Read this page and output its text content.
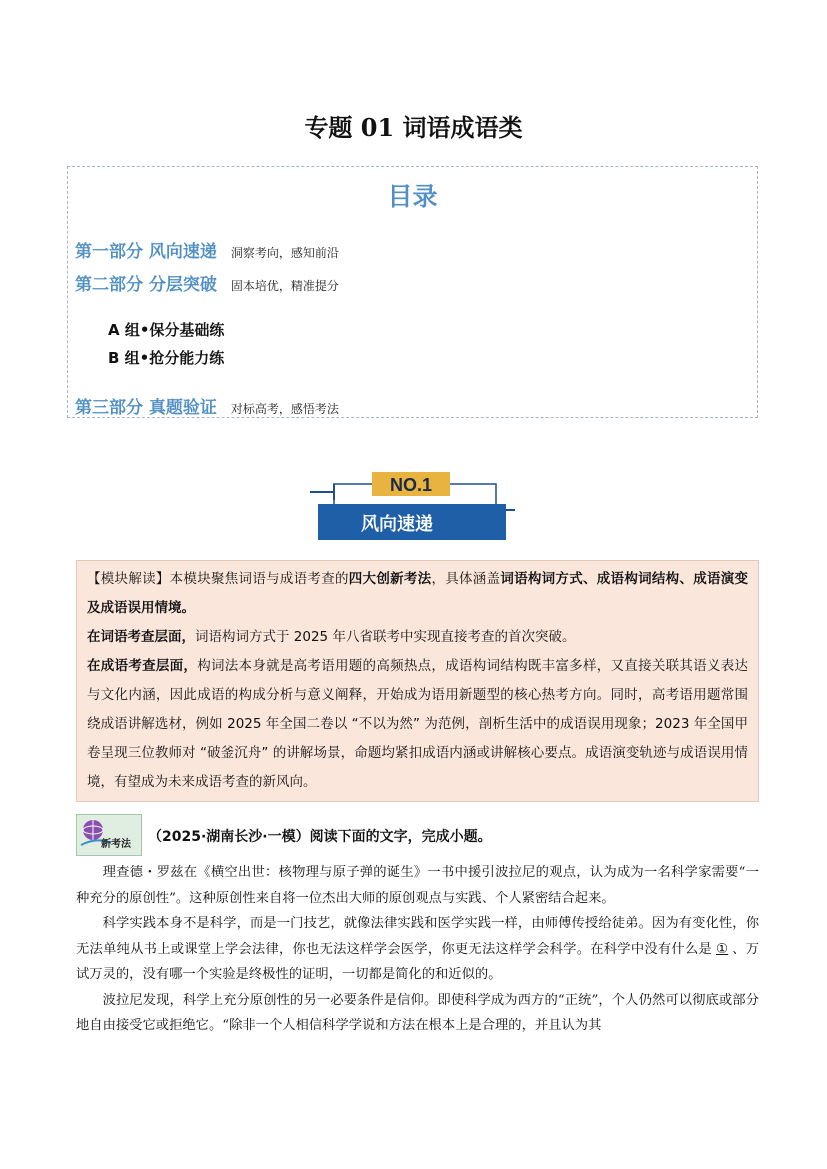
专题 01 词语成语类
目录
第一部分 风向速递 洞察考向，感知前沿
第二部分 分层突破 固本培优，精准提分
A 组•保分基础练
B 组•抢分能力练
第三部分 真题验证 对标高考，感悟考法
NO.1
风向速递

【模块解读】本模块聚焦词语与成语考查的四大创新考法，具体涵盖词语构词方式、成语构词结构、成语演变及成语误用情境。

在词语考查层面，词语构词方式于 2025 年八省联考中实现直接考查的首次突破。

在成语考查层面，构词法本身就是高考语用题的高频热点，成语构词结构既丰富多样，又直接关联其语义表达与文化内涵，因此成语的构成分析与意义阐释，开始成为语用新题型的核心热考方向。同时，高考语用题常围绕成语讲解选材，例如 2025 年全国二卷以 “不以为然” 为范例，剖析生活中的成语误用现象；2023 年全国甲卷呈现三位教师对 “破釜沉舟” 的讲解场景，命题均紧扣成语内涵或讲解核心要点。成语演变轨迹与成语误用情境，有望成为未来成语考查的新风向。

新考法 （2025·湖南长沙·一模）阅读下面的文字，完成小题。

理查德・罗兹在《横空出世：核物理与原子弹的诞生》一书中援引波拉尼的观点，认为成为一名科学家需要“一种充分的原创性”。这种原创性来自将一位杰出大师的原创观点与实践、个人紧密结合起来。

科学实践本身不是科学，而是一门技艺，就像法律实践和医学实践一样，由师傅传授给徒弟。因为有变化性，你无法单纯从书上或课堂上学会法律，你也无法这样学会医学，你更无法这样学会科学。在科学中没有什么是 ① 、万试万灵的，没有哪一个实验是终极性的证明，一切都是简化的和近似的。

波拉尼发现，科学上充分原创性的另一必要条件是信仰。即使科学成为西方的“正统”，个人仍然可以彻底或部分地自由接受它或拒绝它。“除非一个人相信科学学说和方法在根本上是合理的，并且认为其
